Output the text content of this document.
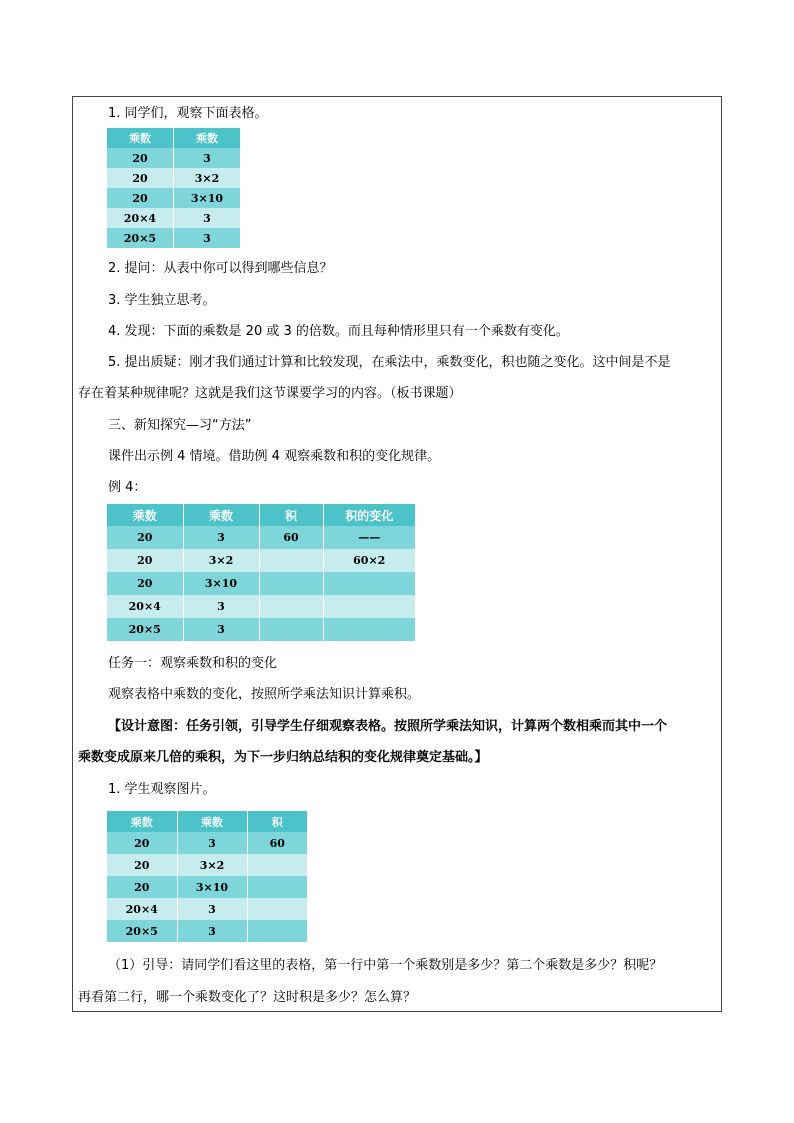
1. 同学们，观察下面表格。
乘数	乘数
20	3
20	3×2
20	3×10
20×4	3
20×5	3
2. 提问：从表中你可以得到哪些信息？
3. 学生独立思考。
4. 发现：下面的乘数是 20 或 3 的倍数。而且每种情形里只有一个乘数有变化。
5. 提出质疑：刚才我们通过计算和比较发现，在乘法中，乘数变化，积也随之变化。这中间是不是
存在着某种规律呢？这就是我们这节课要学习的内容。（板书课题）
三、新知探究—习“方法”
课件出示例 4 情境。借助例 4 观察乘数和积的变化规律。
例 4：
乘数	乘数	积	积的变化
20	3	60	——
20	3×2		60×2
20	3×10		
20×4	3		
20×5	3		
任务一：观察乘数和积的变化
观察表格中乘数的变化，按照所学乘法知识计算乘积。
【设计意图：任务引领，引导学生仔细观察表格。按照所学乘法知识，计算两个数相乘而其中一个
乘数变成原来几倍的乘积，为下一步归纳总结积的变化规律奠定基础。】
1. 学生观察图片。
乘数	乘数	积
20	3	60
20	3×2	
20	3×10	
20×4	3	
20×5	3	
（1）引导：请同学们看这里的表格，第一行中第一个乘数别是多少？第二个乘数是多少？积呢？
再看第二行，哪一个乘数变化了？这时积是多少？怎么算？
